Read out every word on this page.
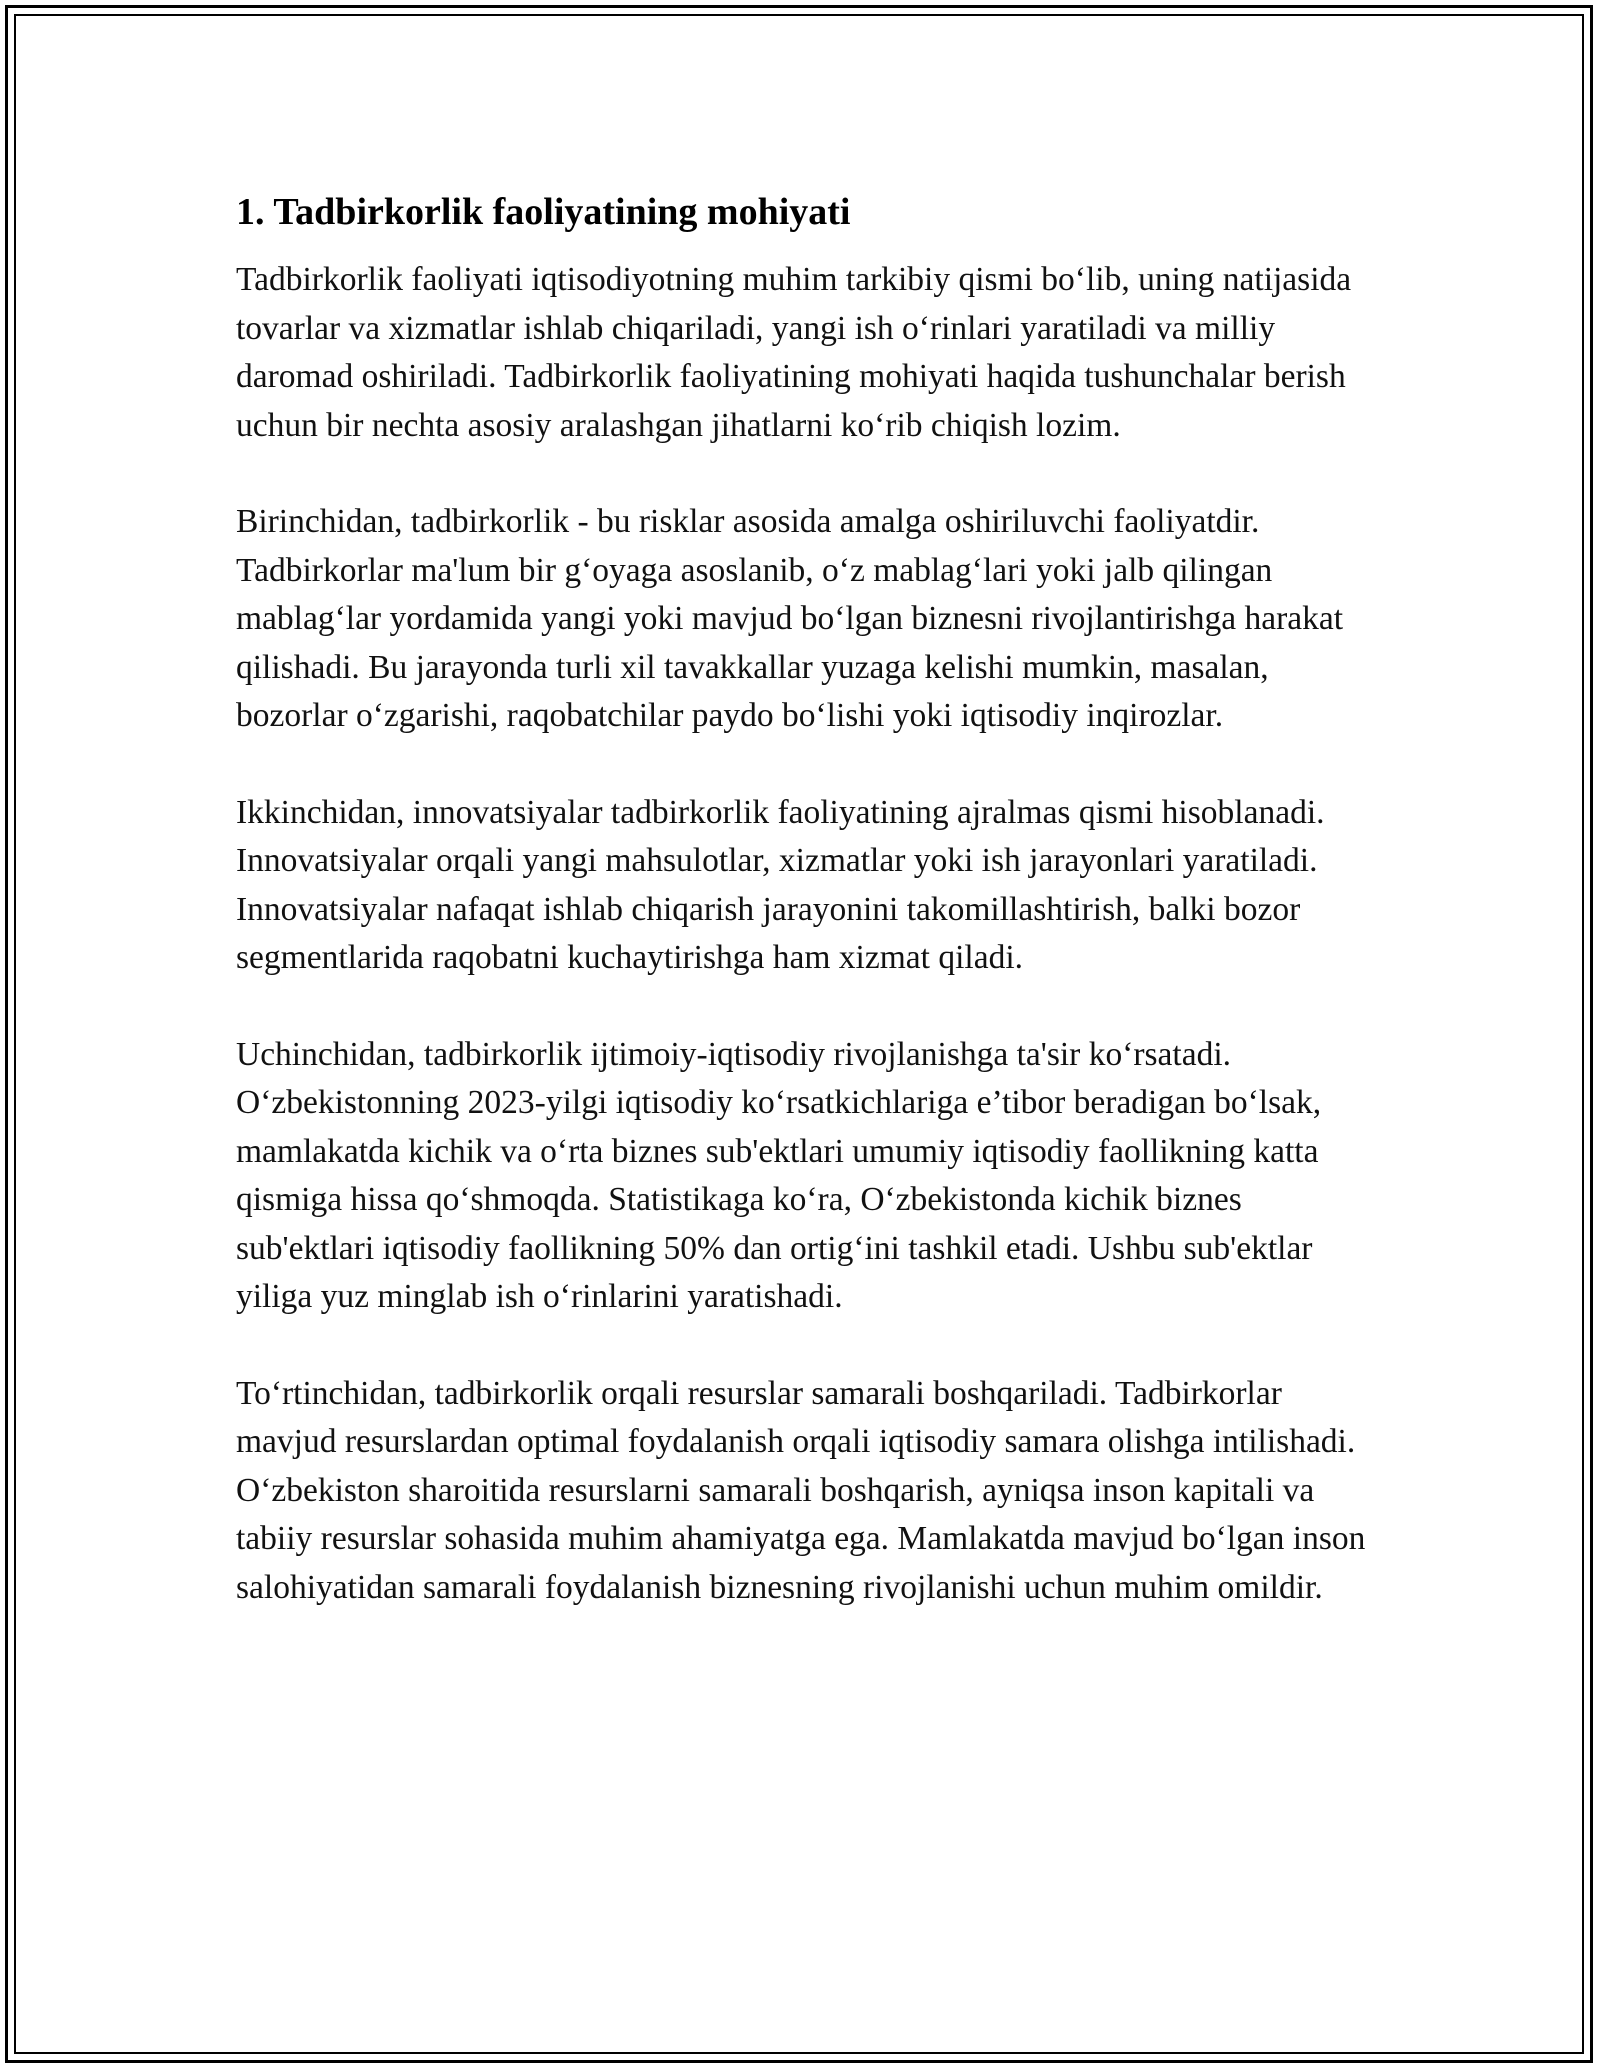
1. Tadbirkorlik faoliyatining mohiyati

Tadbirkorlik faoliyati iqtisodiyotning muhim tarkibiy qismi bo‘lib, uning natijasida tovarlar va xizmatlar ishlab chiqariladi, yangi ish o‘rinlari yaratiladi va milliy daromad oshiriladi. Tadbirkorlik faoliyatining mohiyati haqida tushunchalar berish uchun bir nechta asosiy aralashgan jihatlarni ko‘rib chiqish lozim.

Birinchidan, tadbirkorlik - bu risklar asosida amalga oshiriluvchi faoliyatdir. Tadbirkorlar ma'lum bir g‘oyaga asoslanib, o‘z mablag‘lari yoki jalb qilingan mablag‘lar yordamida yangi yoki mavjud bo‘lgan biznesni rivojlantirishga harakat qilishadi. Bu jarayonda turli xil tavakkallar yuzaga kelishi mumkin, masalan, bozorlar o‘zgarishi, raqobatchilar paydo bo‘lishi yoki iqtisodiy inqirozlar.

Ikkinchidan, innovatsiyalar tadbirkorlik faoliyatining ajralmas qismi hisoblanadi. Innovatsiyalar orqali yangi mahsulotlar, xizmatlar yoki ish jarayonlari yaratiladi. Innovatsiyalar nafaqat ishlab chiqarish jarayonini takomillashtirish, balki bozor segmentlarida raqobatni kuchaytirishga ham xizmat qiladi.

Uchinchidan, tadbirkorlik ijtimoiy-iqtisodiy rivojlanishga ta'sir ko‘rsatadi. O‘zbekistonning 2023-yilgi iqtisodiy ko‘rsatkichlariga e’tibor beradigan bo‘lsak, mamlakatda kichik va o‘rta biznes sub'ektlari umumiy iqtisodiy faollikning katta qismiga hissa qo‘shmoqda. Statistikaga ko‘ra, O‘zbekistonda kichik biznes sub'ektlari iqtisodiy faollikning 50% dan ortig‘ini tashkil etadi. Ushbu sub'ektlar yiliga yuz minglab ish o‘rinlarini yaratishadi.

To‘rtinchidan, tadbirkorlik orqali resurslar samarali boshqariladi. Tadbirkorlar mavjud resurslardan optimal foydalanish orqali iqtisodiy samara olishga intilishadi. O‘zbekiston sharoitida resurslarni samarali boshqarish, ayniqsa inson kapitali va tabiiy resurslar sohasida muhim ahamiyatga ega. Mamlakatda mavjud bo‘lgan inson salohiyatidan samarali foydalanish biznesning rivojlanishi uchun muhim omildir.
